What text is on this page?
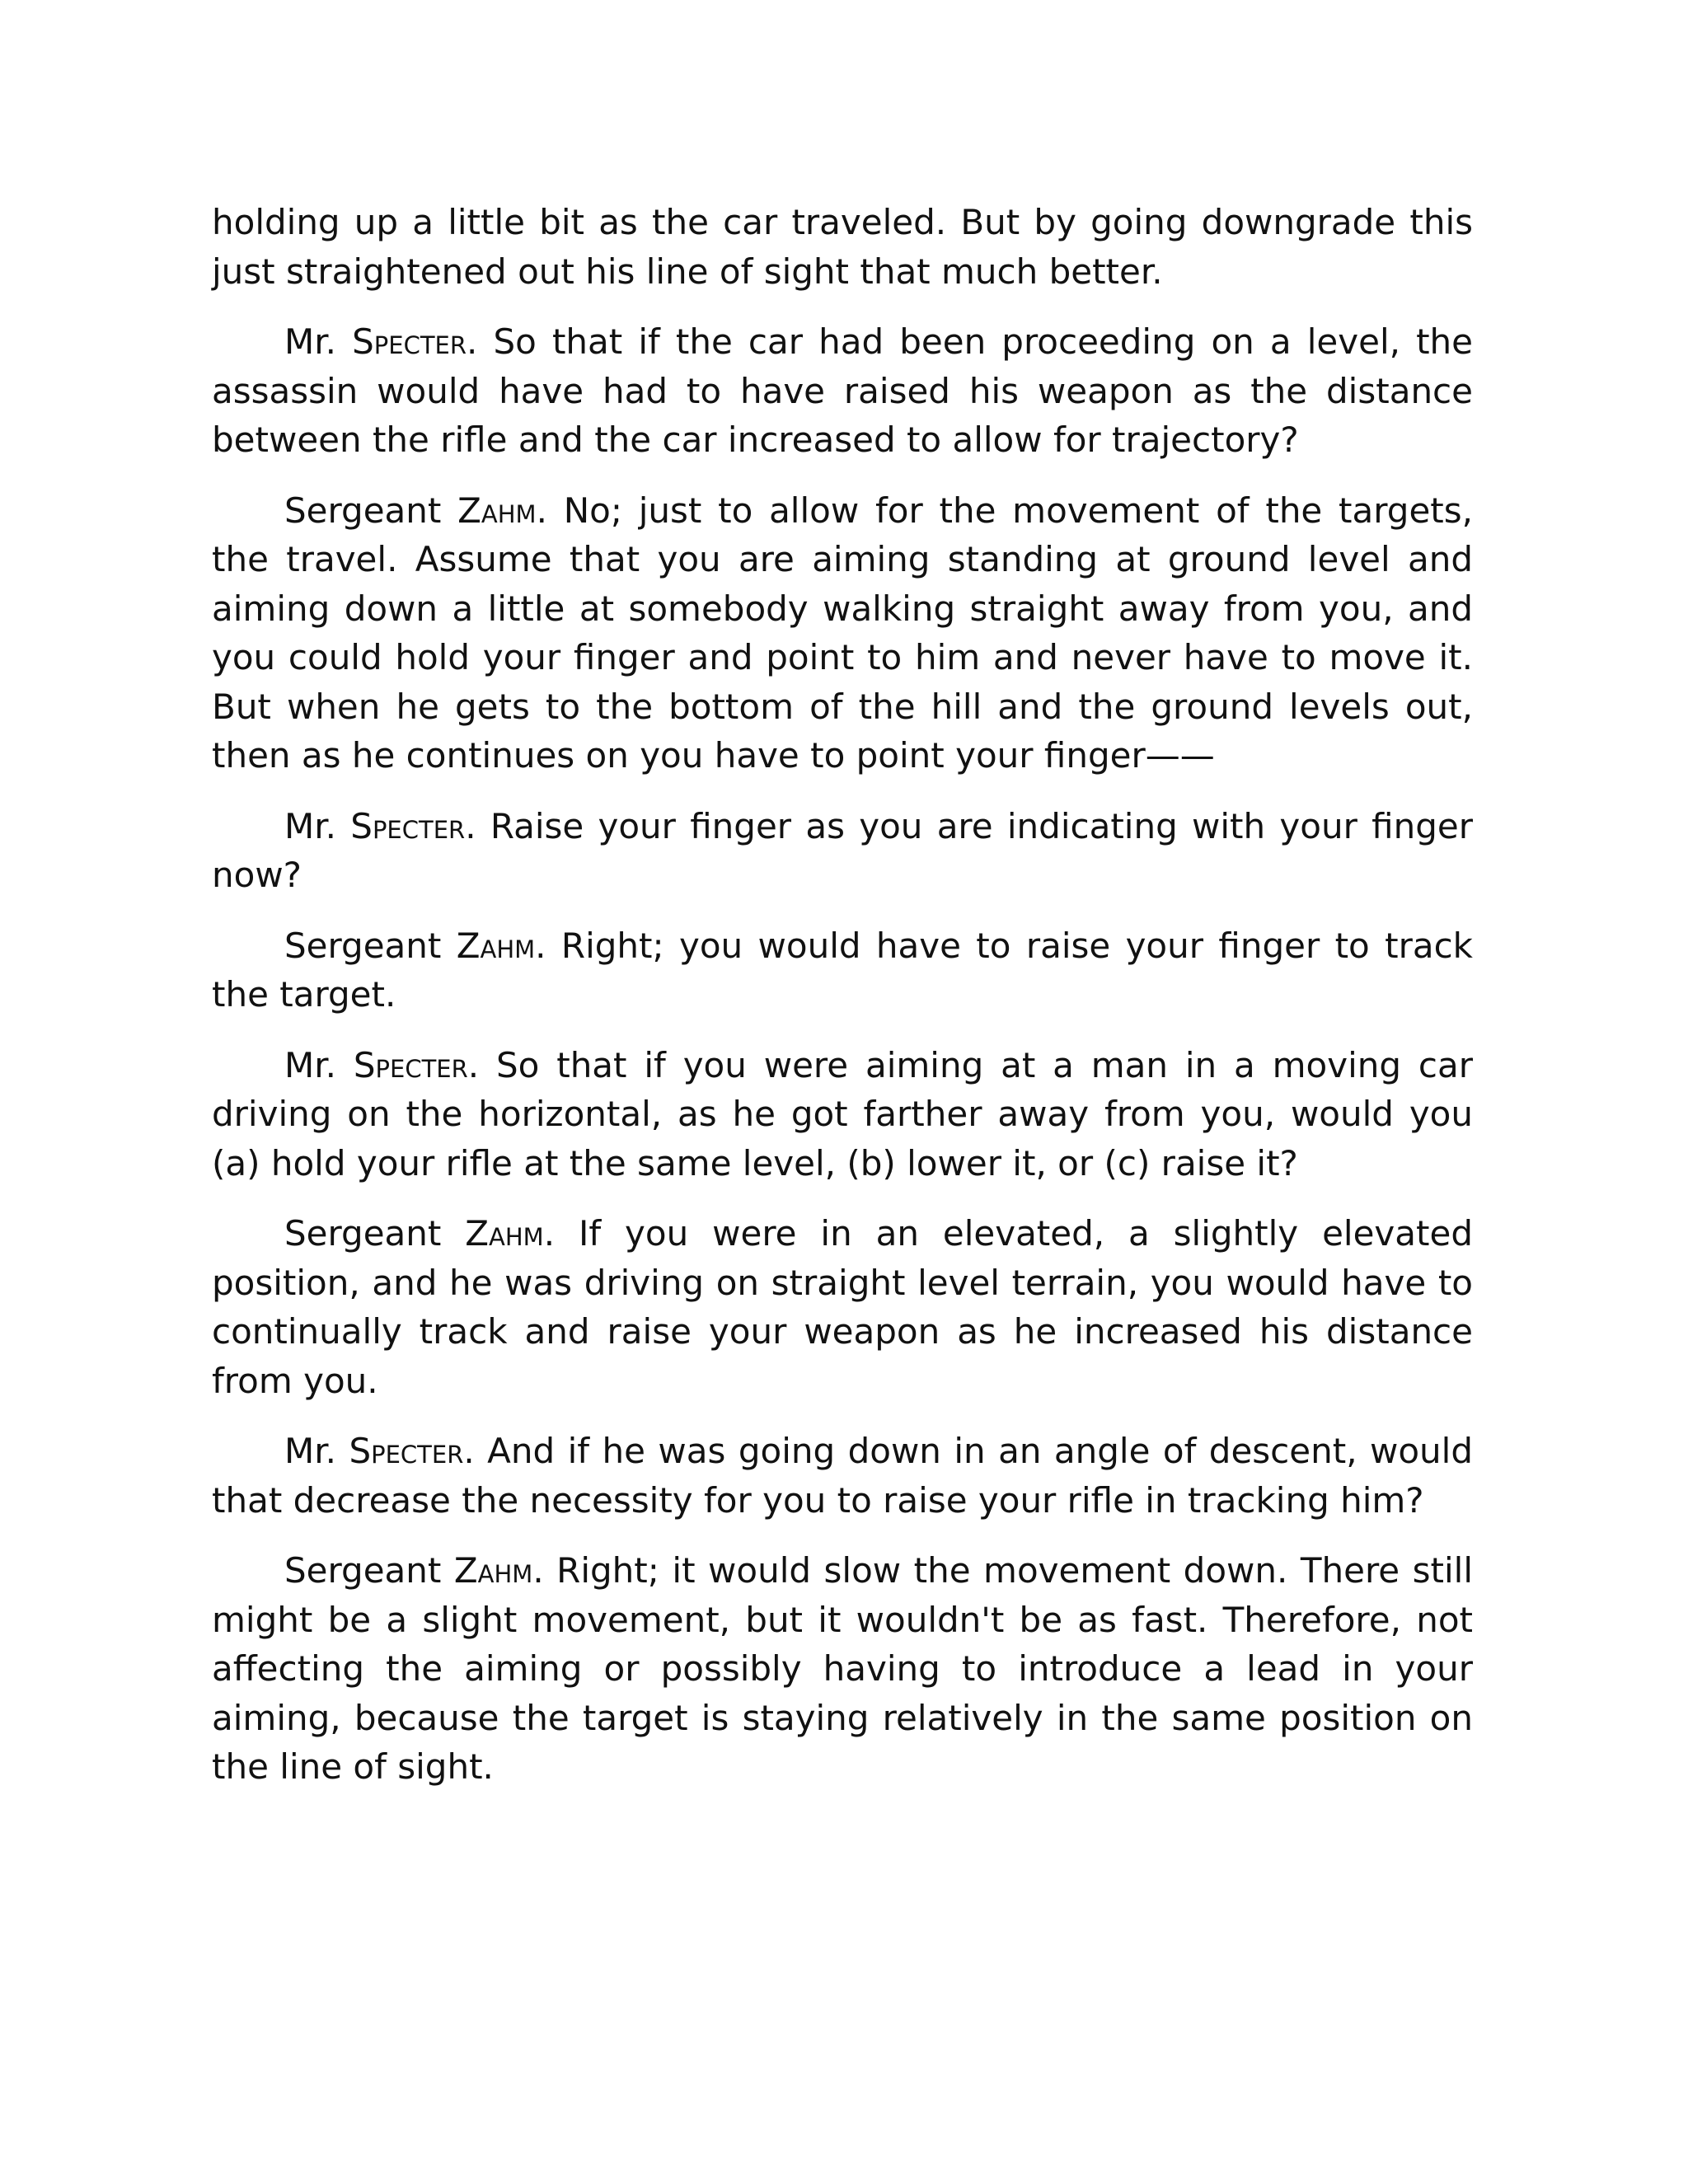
holding up a little bit as the car traveled. But by going downgrade this just straightened out his line of sight that much better.

Mr. Specter. So that if the car had been proceeding on a level, the assassin would have had to have raised his weapon as the distance between the rifle and the car increased to allow for trajectory?

Sergeant Zahm. No; just to allow for the movement of the targets, the travel. Assume that you are aiming standing at ground level and aiming down a little at somebody walking straight away from you, and you could hold your finger and point to him and never have to move it. But when he gets to the bottom of the hill and the ground levels out, then as he continues on you have to point your finger——

Mr. Specter. Raise your finger as you are indicating with your finger now?

Sergeant Zahm. Right; you would have to raise your finger to track the target.

Mr. Specter. So that if you were aiming at a man in a moving car driving on the horizontal, as he got farther away from you, would you (a) hold your rifle at the same level, (b) lower it, or (c) raise it?

Sergeant Zahm. If you were in an elevated, a slightly elevated position, and he was driving on straight level terrain, you would have to continually track and raise your weapon as he increased his distance from you.

Mr. Specter. And if he was going down in an angle of descent, would that decrease the necessity for you to raise your rifle in tracking him?

Sergeant Zahm. Right; it would slow the movement down. There still might be a slight movement, but it wouldn't be as fast. Therefore, not affecting the aiming or possibly having to introduce a lead in your aiming, because the target is staying relatively in the same position on the line of sight.
